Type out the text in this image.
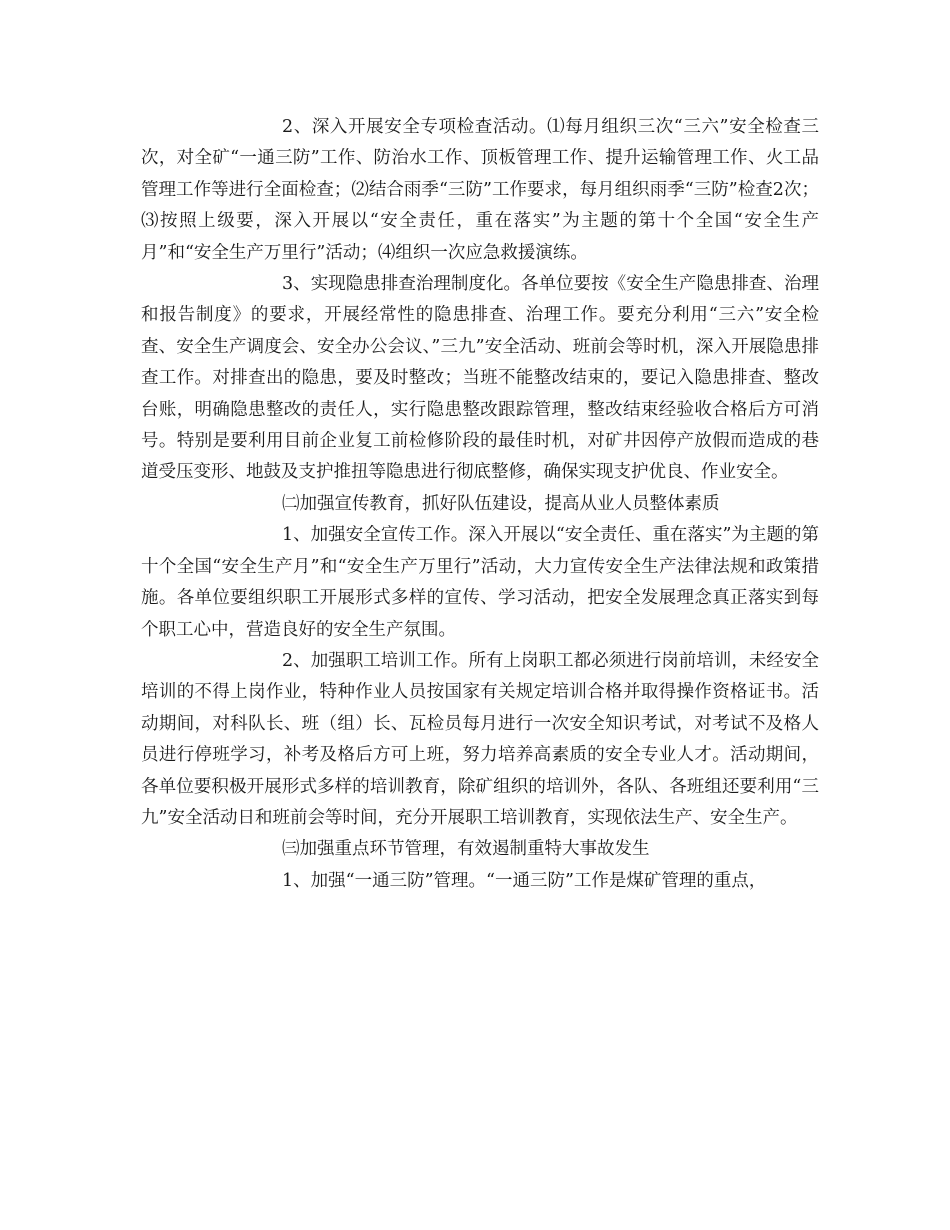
2、深入开展安全专项检查活动。⑴每月组织三次“三六”安全检查三次，对全矿“一通三防”工作、防治水工作、顶板管理工作、提升运输管理工作、火工品管理工作等进行全面检查；⑵结合雨季“三防”工作要求，每月组织雨季“三防”检查2次；⑶按照上级要，深入开展以“安全责任，重在落实”为主题的第十个全国“安全生产月”和“安全生产万里行”活动；⑷组织一次应急救援演练。

3、实现隐患排查治理制度化。各单位要按《安全生产隐患排查、治理和报告制度》的要求，开展经常性的隐患排查、治理工作。要充分利用“三六”安全检查、安全生产调度会、安全办公会议、”三九”安全活动、班前会等时机，深入开展隐患排查工作。对排查出的隐患，要及时整改；当班不能整改结束的，要记入隐患排查、整改台账，明确隐患整改的责任人，实行隐患整改跟踪管理，整改结束经验收合格后方可消号。特别是要利用目前企业复工前检修阶段的最佳时机，对矿井因停产放假而造成的巷道受压变形、地鼓及支护推扭等隐患进行彻底整修，确保实现支护优良、作业安全。

㈡加强宣传教育，抓好队伍建设，提高从业人员整体素质

1、加强安全宣传工作。深入开展以“安全责任、重在落实”为主题的第十个全国“安全生产月”和“安全生产万里行”活动，大力宣传安全生产法律法规和政策措施。各单位要组织职工开展形式多样的宣传、学习活动，把安全发展理念真正落实到每个职工心中，营造良好的安全生产氛围。

2、加强职工培训工作。所有上岗职工都必须进行岗前培训，未经安全培训的不得上岗作业，特种作业人员按国家有关规定培训合格并取得操作资格证书。活动期间，对科队长、班（组）长、瓦检员每月进行一次安全知识考试，对考试不及格人员进行停班学习，补考及格后方可上班，努力培养高素质的安全专业人才。活动期间，各单位要积极开展形式多样的培训教育，除矿组织的培训外，各队、各班组还要利用“三九”安全活动日和班前会等时间，充分开展职工培训教育，实现依法生产、安全生产。

㈢加强重点环节管理，有效遏制重特大事故发生

1、加强“一通三防”管理。“一通三防”工作是煤矿管理的重点，
